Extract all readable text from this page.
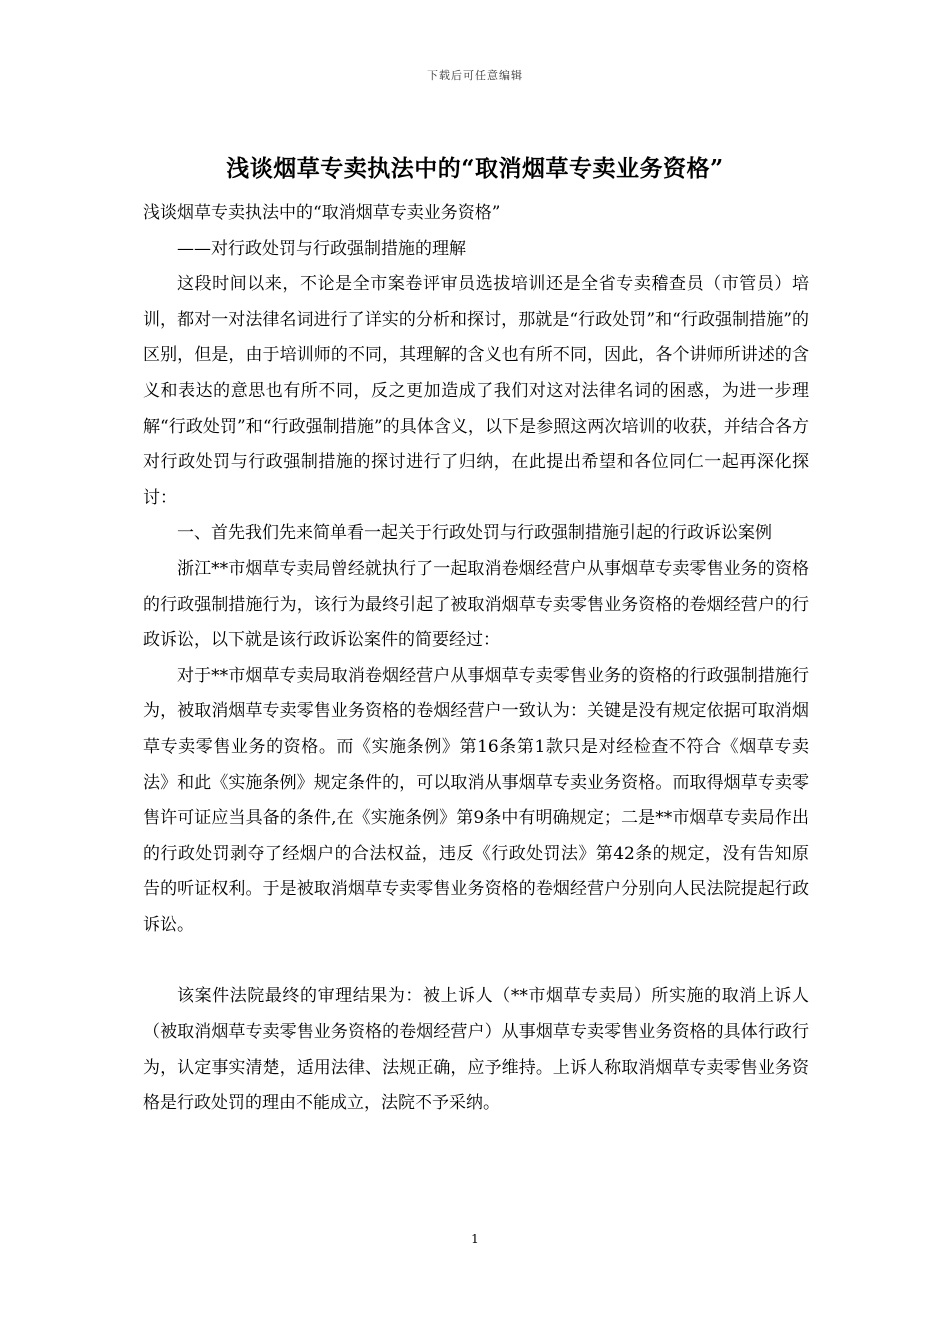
下载后可任意编辑
浅谈烟草专卖执法中的“取消烟草专卖业务资格”

浅谈烟草专卖执法中的“取消烟草专卖业务资格”

——对行政处罚与行政强制措施的理解

这段时间以来，不论是全市案卷评审员选拔培训还是全省专卖稽查员（市管员）培训，都对一对法律名词进行了详实的分析和探讨，那就是“行政处罚”和“行政强制措施”的区别，但是，由于培训师的不同，其理解的含义也有所不同，因此，各个讲师所讲述的含义和表达的意思也有所不同，反之更加造成了我们对这对法律名词的困惑，为进一步理解“行政处罚”和“行政强制措施”的具体含义，以下是参照这两次培训的收获，并结合各方对行政处罚与行政强制措施的探讨进行了归纳，在此提出希望和各位同仁一起再深化探讨：

一、首先我们先来简单看一起关于行政处罚与行政强制措施引起的行政诉讼案例

浙江**市烟草专卖局曾经就执行了一起取消卷烟经营户从事烟草专卖零售业务的资格的行政强制措施行为，该行为最终引起了被取消烟草专卖零售业务资格的卷烟经营户的行政诉讼，以下就是该行政诉讼案件的简要经过：

对于**市烟草专卖局取消卷烟经营户从事烟草专卖零售业务的资格的行政强制措施行为，被取消烟草专卖零售业务资格的卷烟经营户一致认为：关键是没有规定依据可取消烟草专卖零售业务的资格。而《实施条例》第16条第1款只是对经检查不符合《烟草专卖法》和此《实施条例》规定条件的，可以取消从事烟草专卖业务资格。而取得烟草专卖零售许可证应当具备的条件,在《实施条例》第9条中有明确规定；二是**市烟草专卖局作出的行政处罚剥夺了经烟户的合法权益，违反《行政处罚法》第42条的规定，没有告知原告的听证权利。于是被取消烟草专卖零售业务资格的卷烟经营户分别向人民法院提起行政诉讼。

该案件法院最终的审理结果为：被上诉人（**市烟草专卖局）所实施的取消上诉人（被取消烟草专卖零售业务资格的卷烟经营户）从事烟草专卖零售业务资格的具体行政行为，认定事实清楚，适用法律、法规正确，应予维持。上诉人称取消烟草专卖零售业务资格是行政处罚的理由不能成立，法院不予采纳。

1
